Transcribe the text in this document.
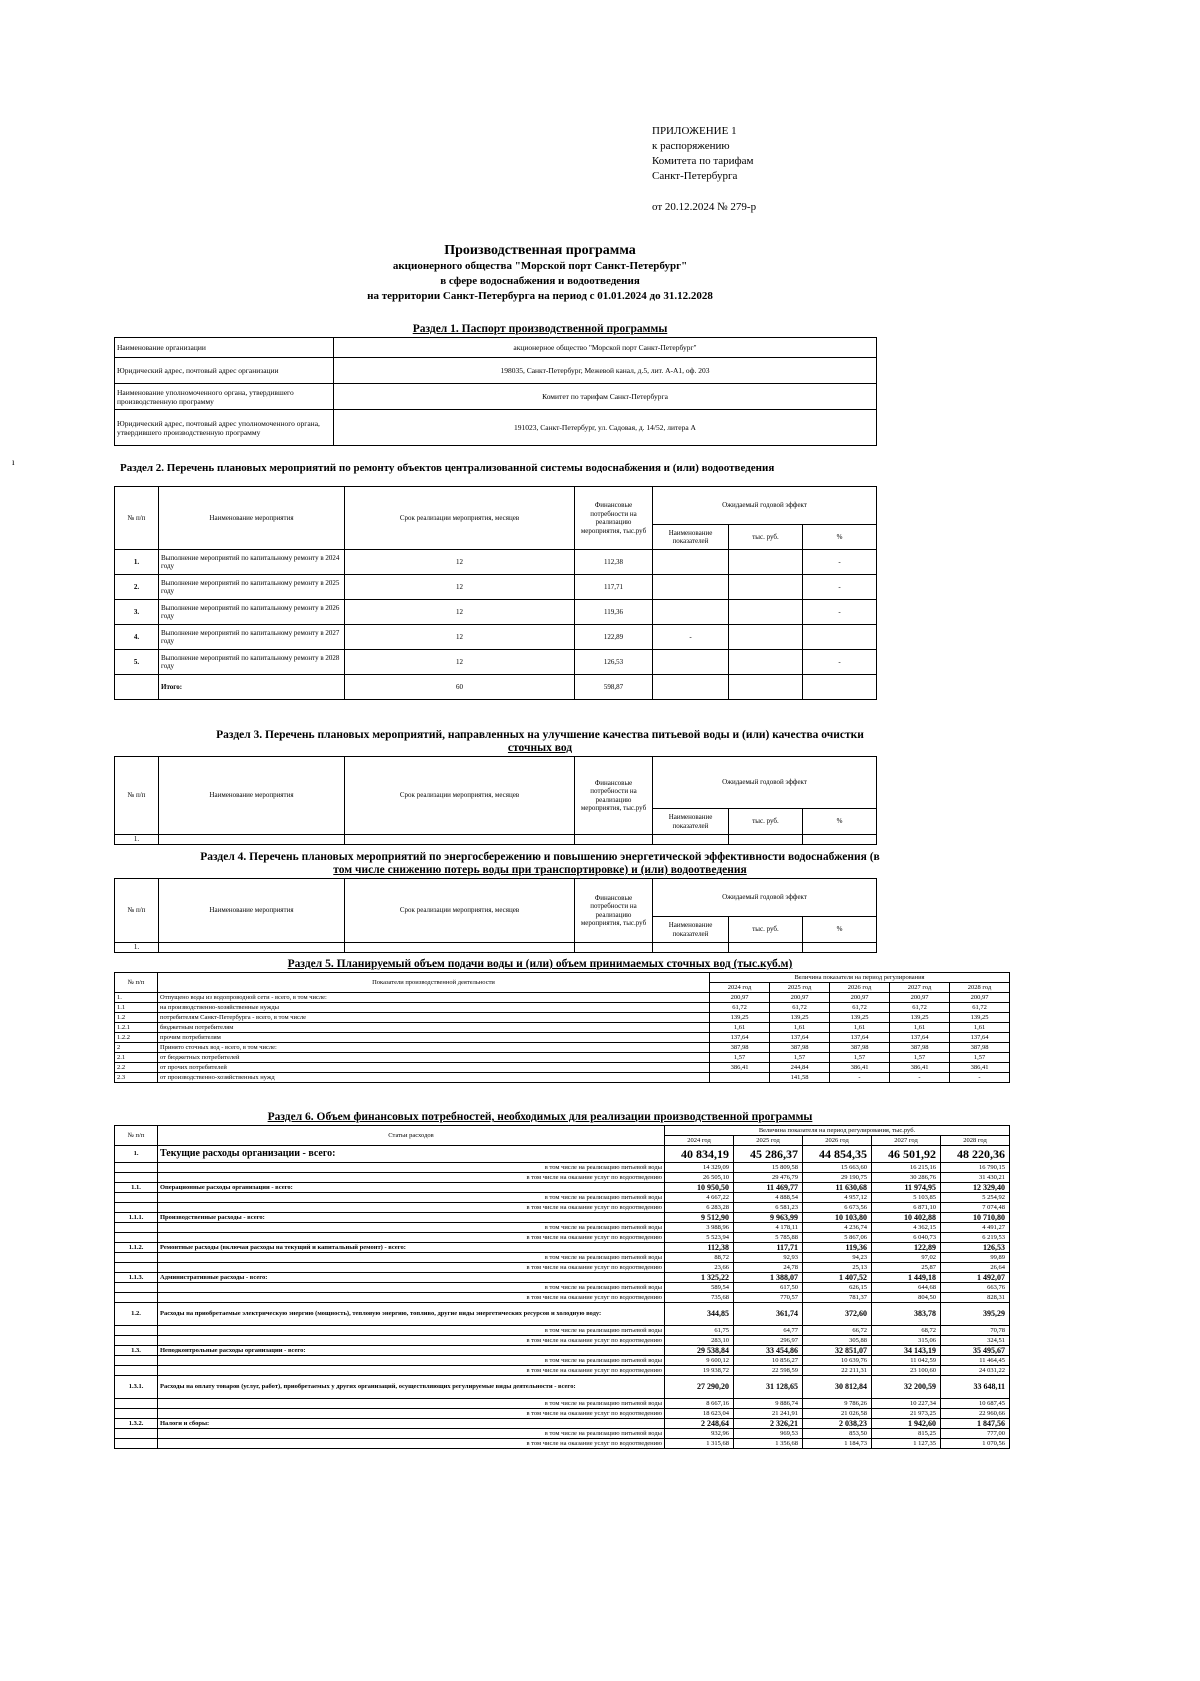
ПРИЛОЖЕНИЕ 1
к распоряжению
Комитета по тарифам
Санкт-Петербурга
от 20.12.2024 № 279-р
ı
Производственная программа
акционерного общества "Морской порт Санкт-Петербург"
в сфере водоснабжения и водоотведения
на территории Санкт-Петербурга на период с 01.01.2024 до 31.12.2028
Раздел 1. Паспорт производственной программы
Наименование организации	акционерное общество "Морской порт Санкт-Петербург"
Юридический адрес, почтовый адрес организации	198035, Санкт-Петербург, Межевой канал, д.5, лит. А-А1, оф. 203
Наименование уполномоченного органа, утвердившего производственную программу	Комитет по тарифам Санкт-Петербурга
Юридический адрес, почтовый адрес уполномоченного органа, утвердившего производственную программу	191023, Санкт-Петербург, ул. Садовая, д. 14/52, литера А
Раздел 2. Перечень плановых мероприятий по ремонту объектов централизованной системы водоснабжения и (или) водоотведения
№ п/п	Наименование мероприятия	Срок реализации мероприятия, месяцев	Финансовые потребности на реализацию мероприятия, тыс.руб	Ожидаемый годовой эффект		
				Наименование показателей	тыс. руб.	%
1.	Выполнение мероприятий по капитальному ремонту в 2024 году	12	112,38			-
2.	Выполнение мероприятий по капитальному ремонту в 2025 году	12	117,71			-
3.	Выполнение мероприятий по капитальному ремонту в 2026 году	12	119,36			-
4.	Выполнение мероприятий по капитальному ремонту в 2027 году	12	122,89	-		
5.	Выполнение мероприятий по капитальному ремонту в 2028 году	12	126,53			-
	Итого:	60	598,87			
Раздел 3. Перечень плановых мероприятий, направленных на улучшение качества питьевой воды и (или) качества очистки
сточных вод
№ п/п	Наименование мероприятия	Срок реализации мероприятия, месяцев	Финансовые потребности на реализацию мероприятия, тыс.руб	Ожидаемый годовой эффект		
				Наименование показателей	тыс. руб.	%
1.						
Раздел 4. Перечень плановых мероприятий по энергосбережению и повышению энергетической эффективности водоснабжения (в
том числе снижению потерь воды при транспортировке) и (или) водоотведения
№ п/п	Наименование мероприятия	Срок реализации мероприятия, месяцев	Финансовые потребности на реализацию мероприятия, тыс.руб	Ожидаемый годовой эффект		
				Наименование показателей	тыс. руб.	%
1.						
Раздел 5. Планируемый объем подачи воды и (или) объем принимаемых сточных вод (тыс.куб.м)
№ п/п	Показатели производственной деятельности	Величина показателя на период регулирования				
		2024 год	2025 год	2026 год	2027 год	2028 год
1.	Отпущено воды из водопроводной сети - всего, в том числе:	200,97	200,97	200,97	200,97	200,97
1.1	на производственно-хозяйственные нужды	61,72	61,72	61,72	61,72	61,72
1.2	потребителям Санкт-Петербурга - всего, в том числе	139,25	139,25	139,25	139,25	139,25
1.2.1	бюджетным потребителям	1,61	1,61	1,61	1,61	1,61
1.2.2	прочим потребителям	137,64	137,64	137,64	137,64	137,64
2	Принято сточных вод - всего, в том числе:	387,98	387,98	387,98	387,98	387,98
2.1	от бюджетных потребителей	1,57	1,57	1,57	1,57	1,57
2.2	от прочих потребителей	386,41	244,84	386,41	386,41	386,41
2.3	от производственно-хозяйственных нужд		141,58	-	-	-
Раздел 6. Объем финансовых потребностей, необходимых для реализации производственной программы
№ п/п	Статьи расходов	Величина показателя на период регулирования, тыс.руб.				
		2024 год	2025 год	2026 год	2027 год	2028 год
1.	Текущие расходы организации - всего:	40 834,19	45 286,37	44 854,35	46 501,92	48 220,36
	в том числе на реализацию питьевой воды	14 329,09	15 809,58	15 663,60	16 215,16	16 790,15
	в том числе на оказание услуг по водоотведению	26 505,10	29 476,79	29 190,75	30 286,76	31 430,21
1.1.	Операционные расходы организации - всего:	10 950,50	11 469,77	11 630,68	11 974,95	12 329,40
	в том числе на реализацию питьевой воды	4 667,22	4 888,54	4 957,12	5 103,85	5 254,92
	в том числе на оказание услуг по водоотведению	6 283,28	6 581,23	6 673,56	6 871,10	7 074,48
1.1.1.	Производственные расходы - всего:	9 512,90	9 963,99	10 103,80	10 402,88	10 710,80
	в том числе на реализацию питьевой воды	3 988,96	4 178,11	4 236,74	4 362,15	4 491,27
	в том числе на оказание услуг по водоотведению	5 523,94	5 785,88	5 867,06	6 040,73	6 219,53
1.1.2.	Ремонтные расходы (включая расходы на текущий и капитальный ремонт) - всего:	112,38	117,71	119,36	122,89	126,53
	в том числе на реализацию питьевой воды	88,72	92,93	94,23	97,02	99,89
	в том числе на оказание услуг по водоотведению	23,66	24,78	25,13	25,87	26,64
1.1.3.	Административные расходы - всего:	1 325,22	1 388,07	1 407,52	1 449,18	1 492,07
	в том числе на реализацию питьевой воды	589,54	617,50	626,15	644,68	663,76
	в том числе на оказание услуг по водоотведению	735,68	770,57	781,37	804,50	828,31
1.2.	Расходы на приобретаемые электрическую энергию (мощность), тепловую энергию, топливо, другие виды энергетических ресурсов и холодную воду:	344,85	361,74	372,60	383,78	395,29
	в том числе на реализацию питьевой воды	61,75	64,77	66,72	68,72	70,78
	в том числе на оказание услуг по водоотведению	283,10	296,97	305,88	315,06	324,51
1.3.	Неподконтрольные расходы организации - всего:	29 538,84	33 454,86	32 851,07	34 143,19	35 495,67
	в том числе на реализацию питьевой воды	9 600,12	10 856,27	10 639,76	11 042,59	11 464,45
	в том числе на оказание услуг по водоотведению	19 938,72	22 598,59	22 211,31	23 100,60	24 031,22
1.3.1.	Расходы на оплату товаров (услуг, работ), приобретаемых у других организаций, осуществляющих регулируемые виды деятельности - всего:	27 290,20	31 128,65	30 812,84	32 200,59	33 648,11
	в том числе на реализацию питьевой воды	8 667,16	9 886,74	9 786,26	10 227,34	10 687,45
	в том числе на оказание услуг по водоотведению	18 623,04	21 241,91	21 026,58	21 973,25	22 960,66
1.3.2.	Налоги и сборы:	2 248,64	2 326,21	2 038,23	1 942,60	1 847,56
	в том числе на реализацию питьевой воды	932,96	969,53	853,50	815,25	777,00
	в том числе на оказание услуг по водоотведению	1 315,68	1 356,68	1 184,73	1 127,35	1 070,56
